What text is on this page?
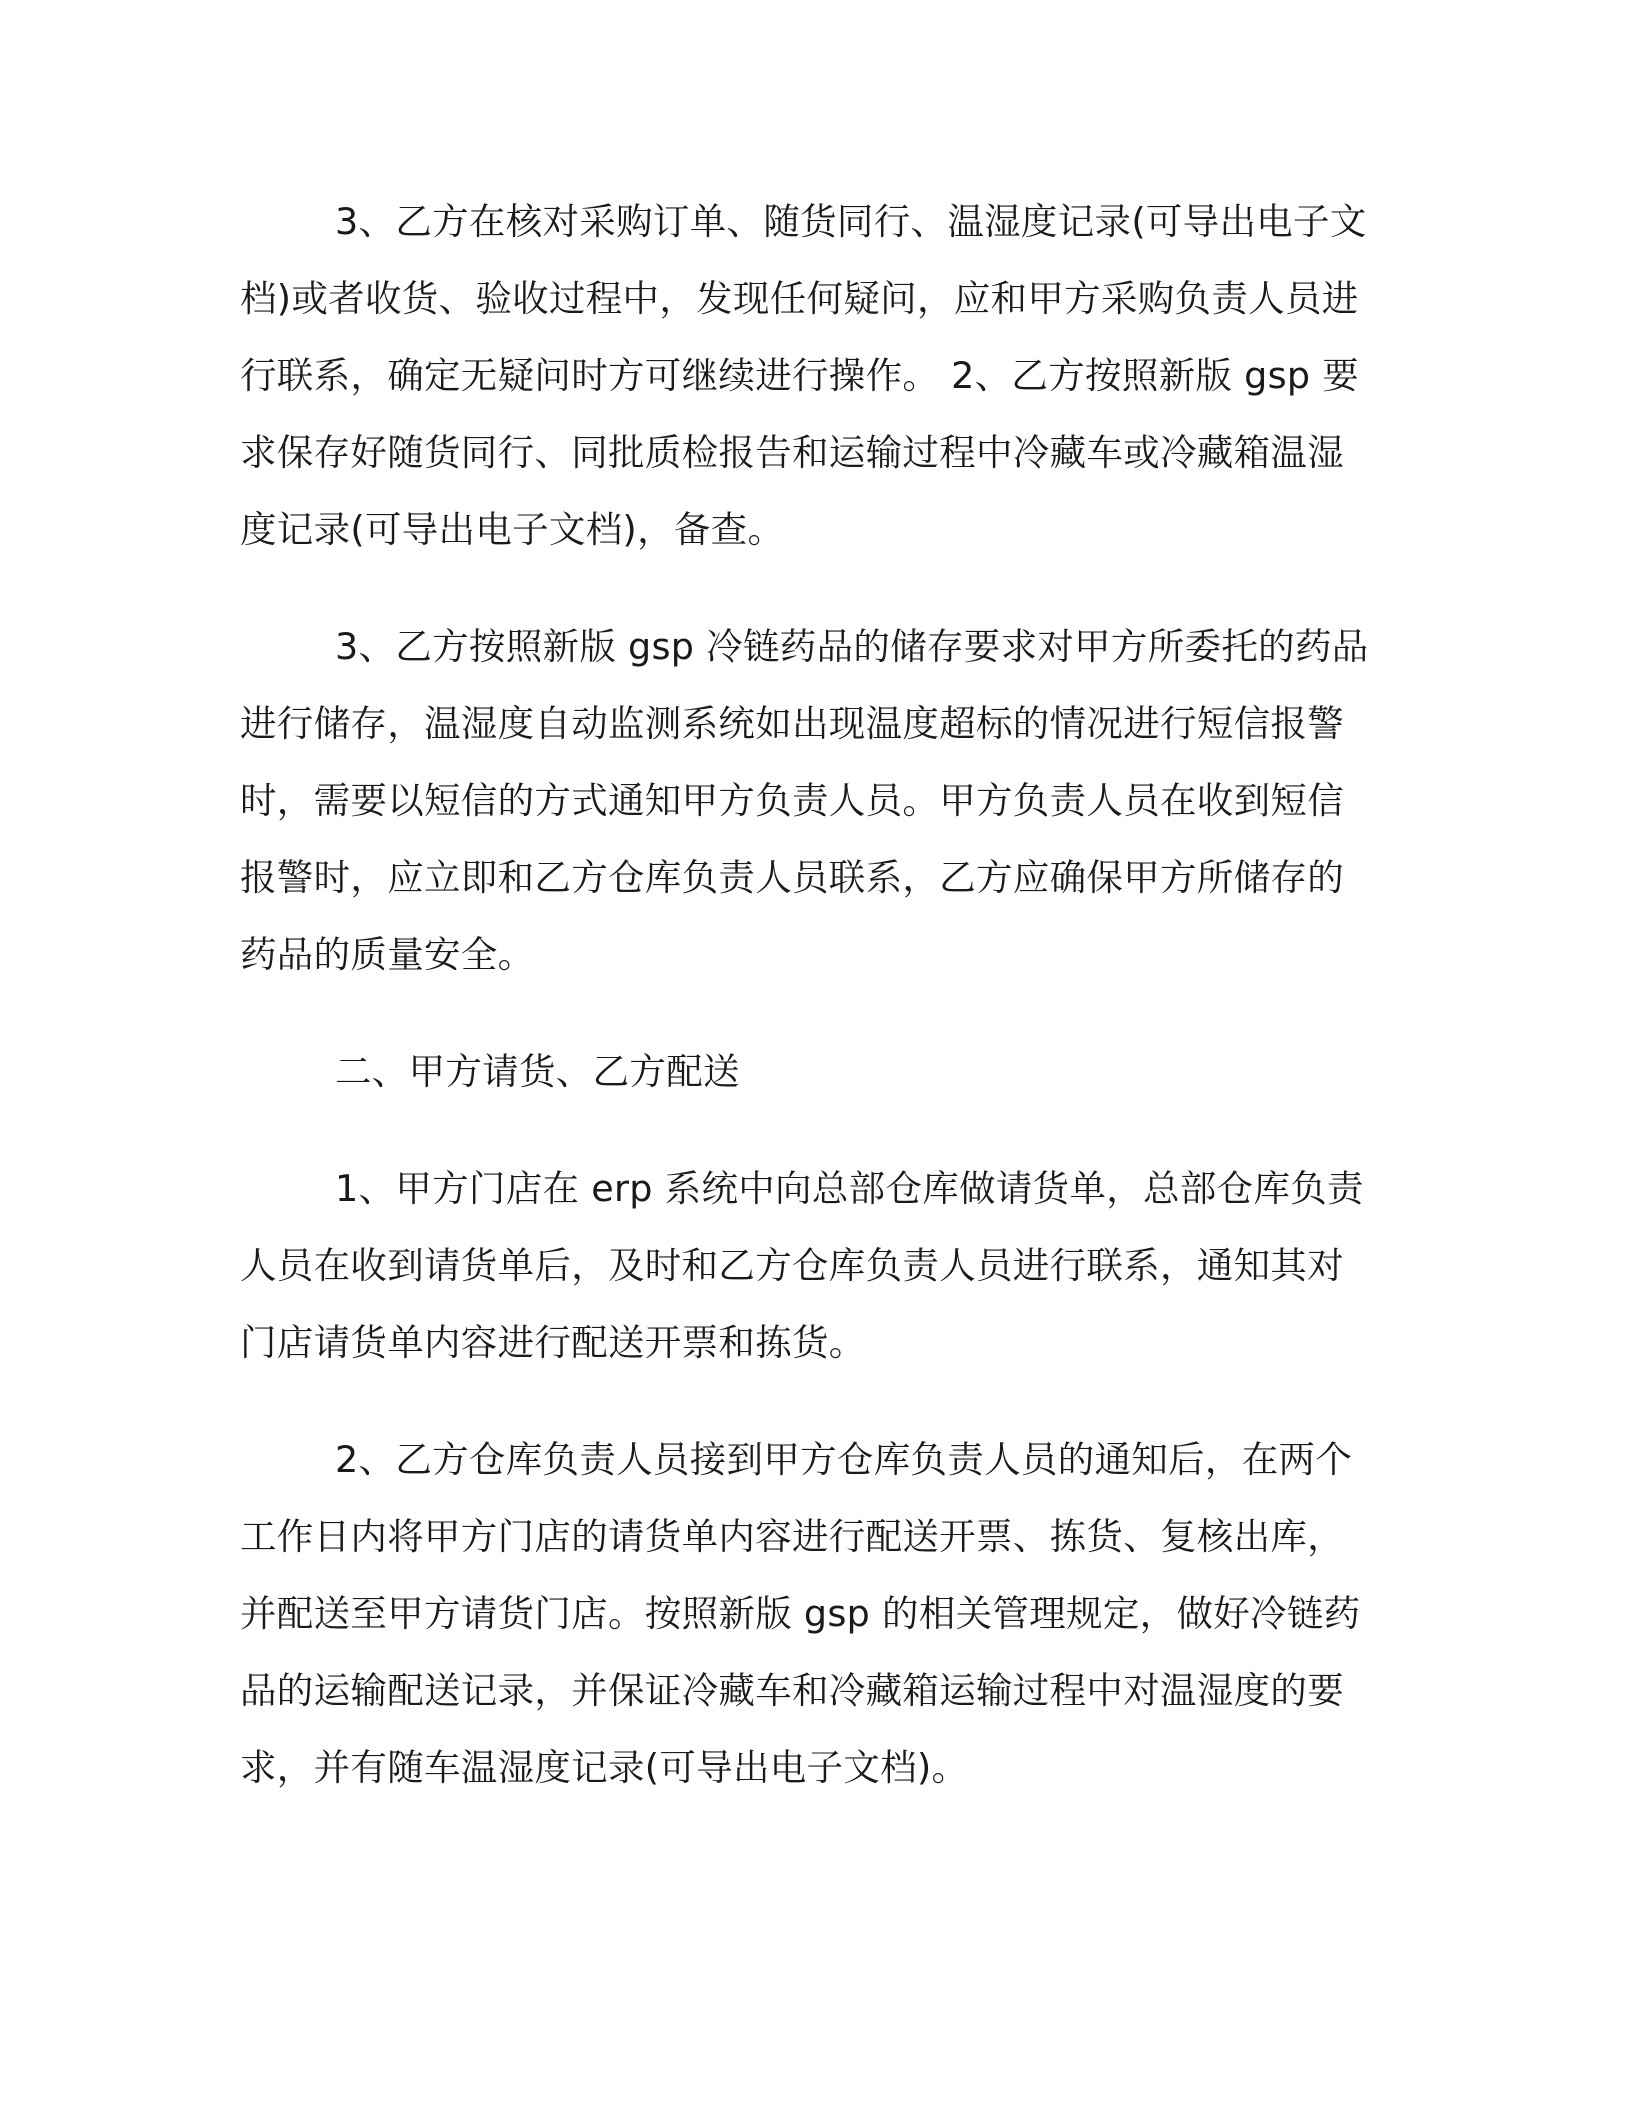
3、乙方在核对采购订单、随货同行、温湿度记录(可导出电子文档)或者收货、验收过程中，发现任何疑问，应和甲方采购负责人员进行联系，确定无疑问时方可继续进行操作。 2、乙方按照新版 gsp 要求保存好随货同行、同批质检报告和运输过程中冷藏车或冷藏箱温湿度记录(可导出电子文档)，备查。

3、乙方按照新版 gsp 冷链药品的储存要求对甲方所委托的药品进行储存，温湿度自动监测系统如出现温度超标的情况进行短信报警时，需要以短信的方式通知甲方负责人员。甲方负责人员在收到短信报警时，应立即和乙方仓库负责人员联系，乙方应确保甲方所储存的药品的质量安全。

二、甲方请货、乙方配送

1、甲方门店在 erp 系统中向总部仓库做请货单，总部仓库负责人员在收到请货单后，及时和乙方仓库负责人员进行联系，通知其对门店请货单内容进行配送开票和拣货。

2、乙方仓库负责人员接到甲方仓库负责人员的通知后，在两个工作日内将甲方门店的请货单内容进行配送开票、拣货、复核出库，并配送至甲方请货门店。按照新版 gsp 的相关管理规定，做好冷链药品的运输配送记录，并保证冷藏车和冷藏箱运输过程中对温湿度的要求，并有随车温湿度记录(可导出电子文档)。
